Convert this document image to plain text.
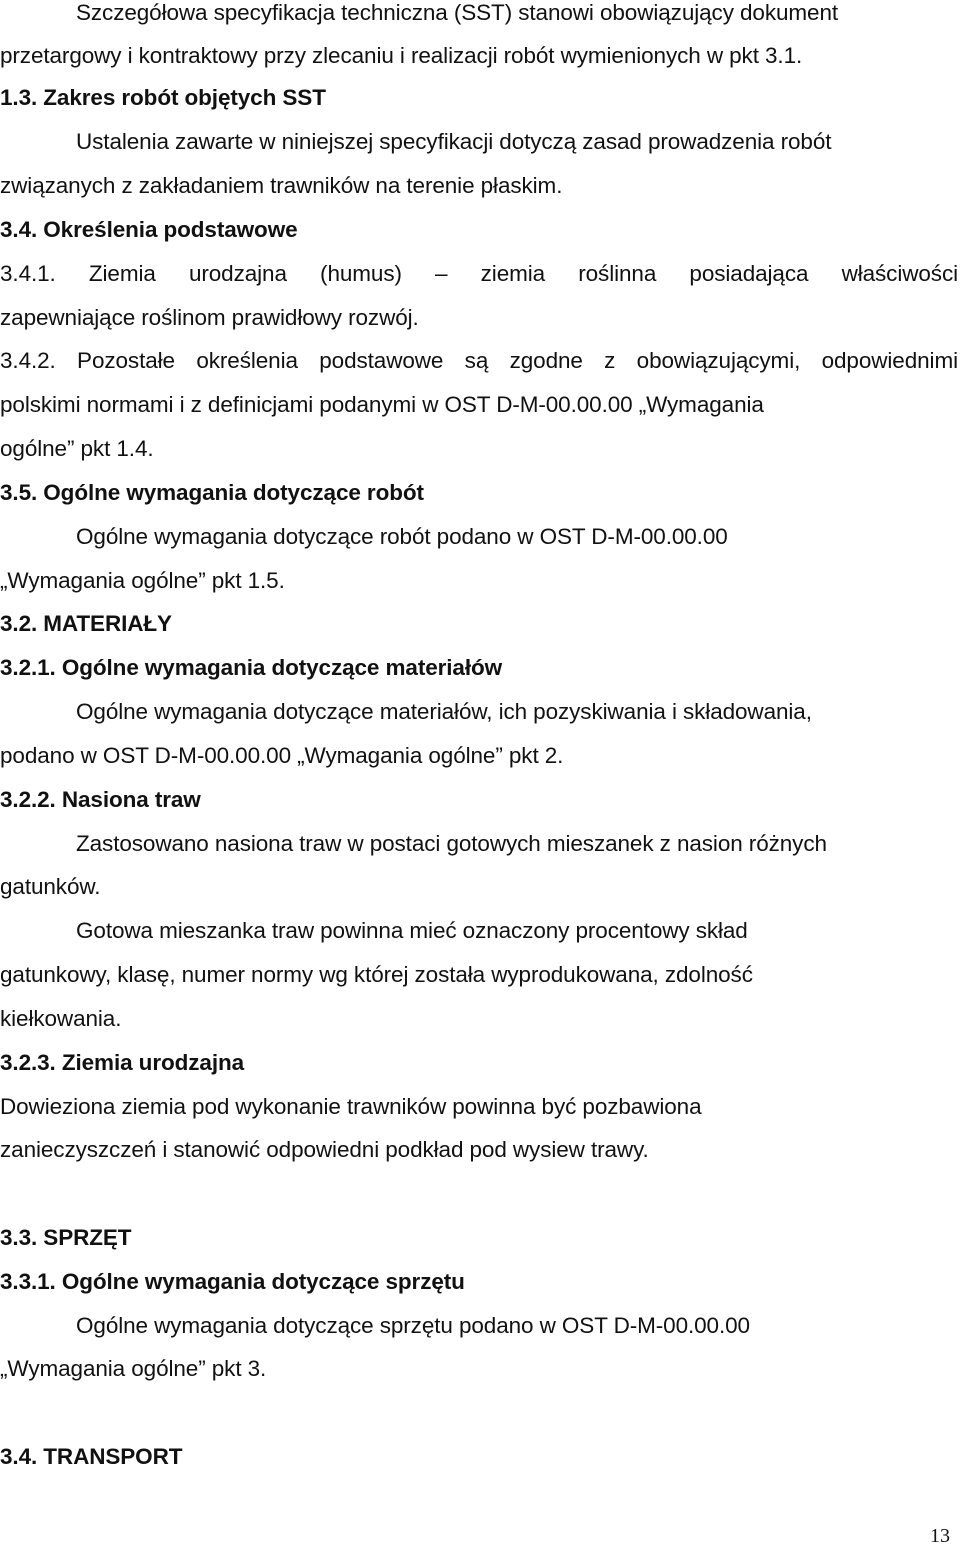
Szczegółowa specyfikacja techniczna (SST) stanowi obowiązujący dokument

przetargowy i kontraktowy przy zlecaniu i realizacji robót wymienionych w pkt 3.1.

1.3. Zakres robót objętych SST

Ustalenia zawarte w niniejszej specyfikacji dotyczą zasad prowadzenia robót

związanych z zakładaniem trawników na terenie płaskim.

3.4. Określenia podstawowe

3.4.1. Ziemia urodzajna (humus) – ziemia roślinna posiadająca właściwości

zapewniające roślinom prawidłowy rozwój.

3.4.2. Pozostałe określenia podstawowe są zgodne z obowiązującymi, odpowiednimi

polskimi normami i z definicjami podanymi w OST D-M-00.00.00 „Wymagania

ogólne” pkt 1.4.

3.5. Ogólne wymagania dotyczące robót

Ogólne wymagania dotyczące robót podano w OST D-M-00.00.00

„Wymagania ogólne” pkt 1.5.

3.2. MATERIAŁY

3.2.1. Ogólne wymagania dotyczące materiałów

Ogólne wymagania dotyczące materiałów, ich pozyskiwania i składowania,

podano w OST D-M-00.00.00 „Wymagania ogólne” pkt 2.

3.2.2. Nasiona traw

Zastosowano nasiona traw w postaci gotowych mieszanek z nasion różnych

gatunków.

Gotowa mieszanka traw powinna mieć oznaczony procentowy skład

gatunkowy, klasę, numer normy wg której została wyprodukowana, zdolność

kiełkowania.

3.2.3. Ziemia urodzajna

Dowieziona ziemia pod wykonanie trawników powinna być pozbawiona

zanieczyszczeń i stanowić odpowiedni podkład pod wysiew trawy.

3.3. SPRZĘT

3.3.1. Ogólne wymagania dotyczące sprzętu

Ogólne wymagania dotyczące sprzętu podano w OST D-M-00.00.00

„Wymagania ogólne” pkt 3.

3.4. TRANSPORT

13
